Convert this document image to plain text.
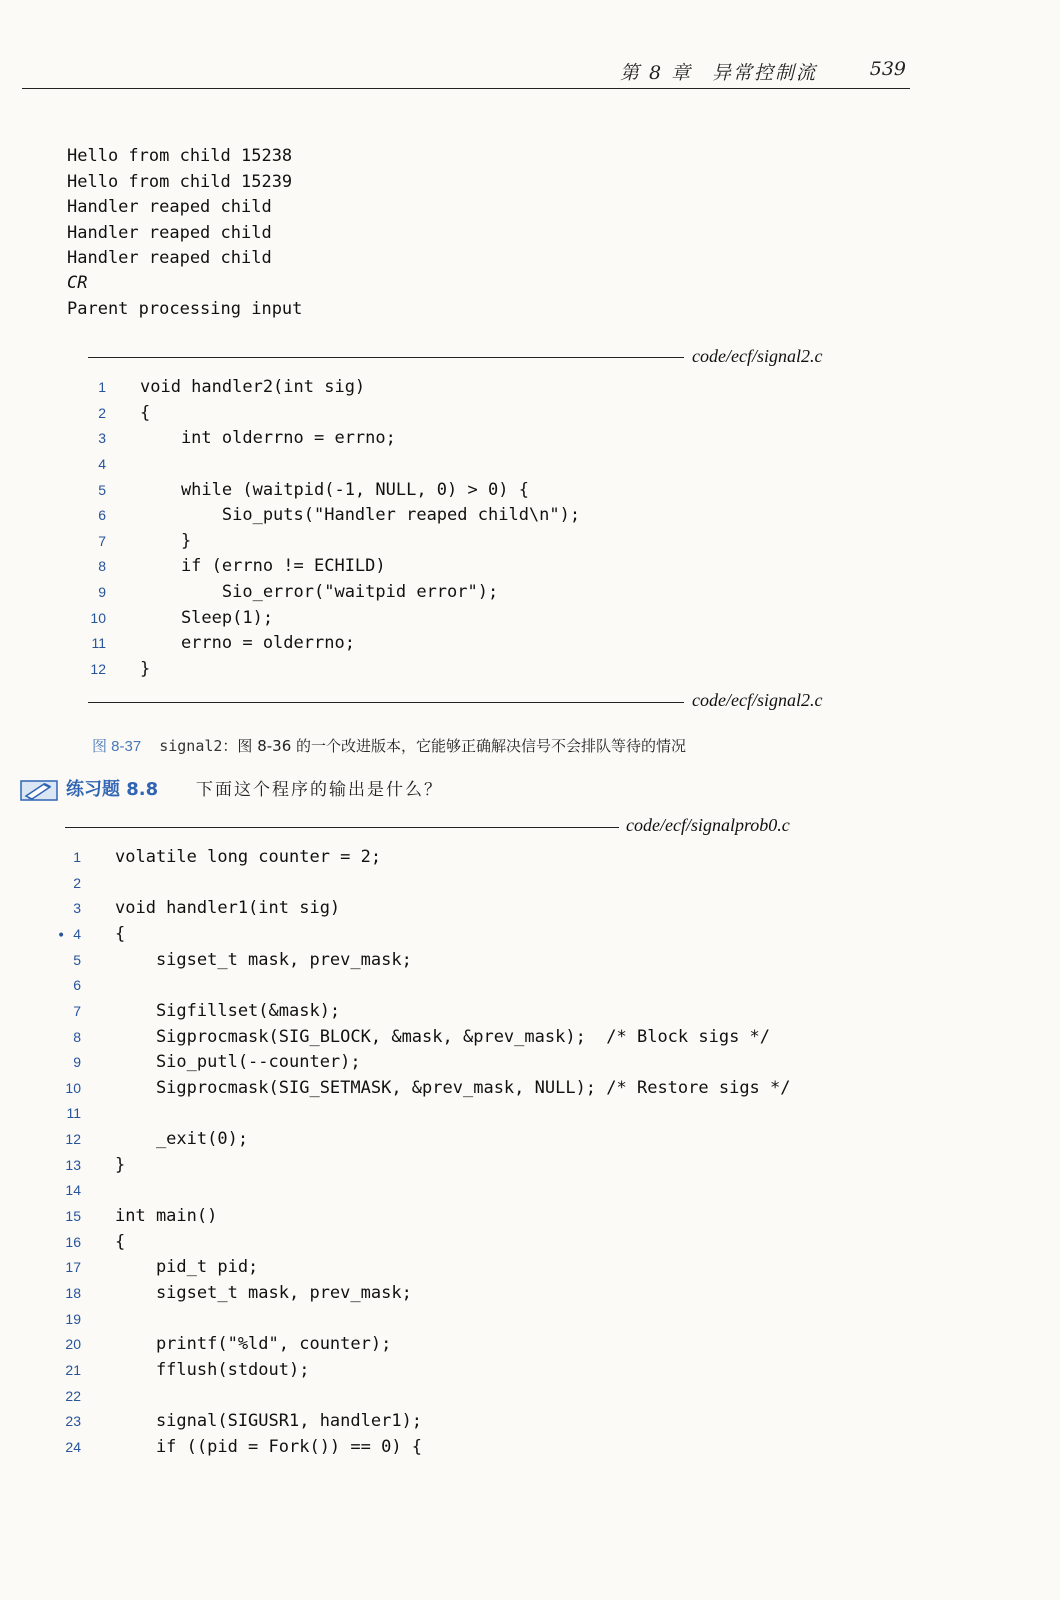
第 8 章 异常控制流	539
Hello from child 15238
Hello from child 15239
Handler reaped child
Handler reaped child
Handler reaped child
CR
Parent processing input
code/ecf/signal2.c
1 void handler2(int sig)
2 {
3 int olderrno = errno;
4
5 while (waitpid(-1, NULL, 0) > 0) {
6 Sio_puts("Handler reaped child\n");
7 }
8 if (errno != ECHILD)
9 Sio_error("waitpid error");
10 Sleep(1);
11 errno = olderrno;
12 }
code/ecf/signal2.c
图 8-37 signal2：图 8-36 的一个改进版本，它能够正确解决信号不会排队等待的情况
练习题 8.8 下面这个程序的输出是什么？
code/ecf/signalprob0.c
•
1 volatile long counter = 2;
2
3 void handler1(int sig)
4 {
5 sigset_t mask, prev_mask;
6
7 Sigfillset(&mask);
8 Sigprocmask(SIG_BLOCK, &mask, &prev_mask);  /* Block sigs */
9 Sio_putl(--counter);
10 Sigprocmask(SIG_SETMASK, &prev_mask, NULL); /* Restore sigs */
11
12 _exit(0);
13 }
14
15 int main()
16 {
17 pid_t pid;
18 sigset_t mask, prev_mask;
19
20 printf("%ld", counter);
21 fflush(stdout);
22
23 signal(SIGUSR1, handler1);
24 if ((pid = Fork()) == 0) {
